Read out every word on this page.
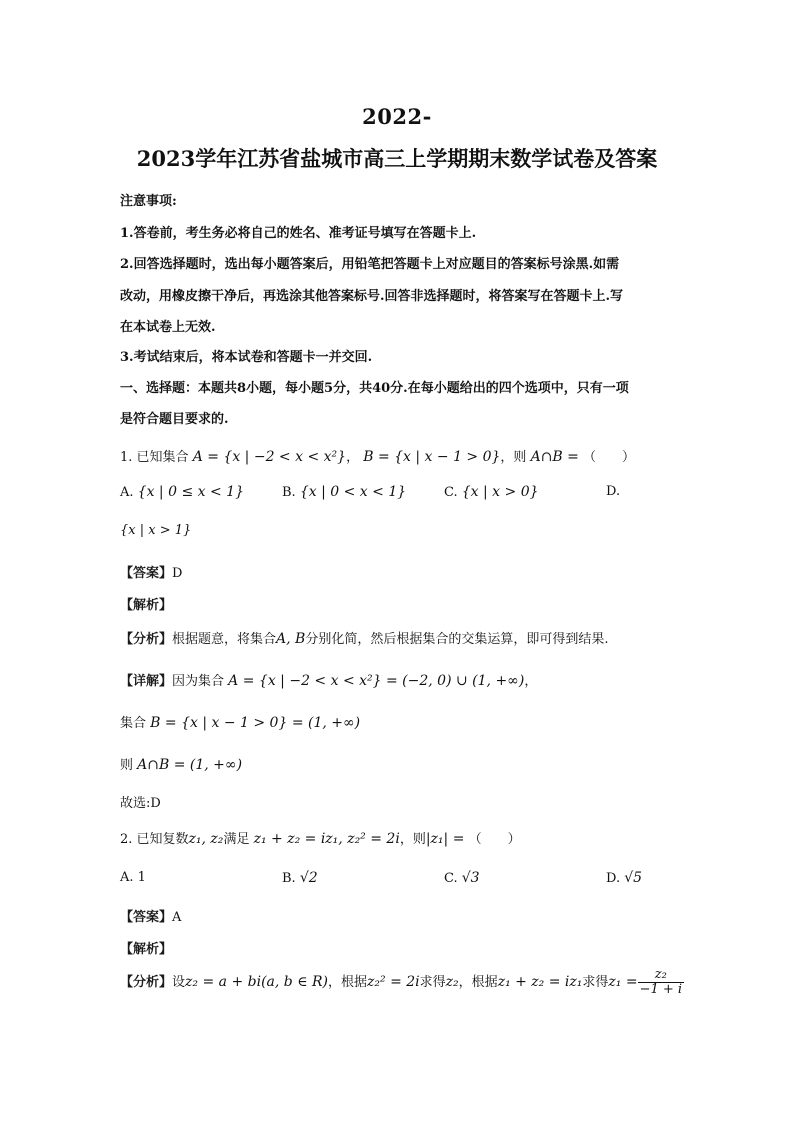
2022-
2023学年江苏省盐城市高三上学期期末数学试卷及答案
注意事项:
1.答卷前，考生务必将自己的姓名、准考证号填写在答题卡上.
2.回答选择题时，选出每小题答案后，用铅笔把答题卡上对应题目的答案标号涂黑.如需
改动，用橡皮擦干净后，再选涂其他答案标号.回答非选择题时，将答案写在答题卡上.写
在本试卷上无效.
3.考试结束后，将本试卷和答题卡一并交回.
一、选择题：本题共8小题，每小题5分，共40分.在每小题给出的四个选项中，只有一项
是符合题目要求的.
1. 已知集合 A = {x | −2 < x < x²}， B = {x | x − 1 > 0}，则 A∩B = （　　）
A. {x | 0 ≤ x < 1}	B. {x | 0 < x < 1}	C. {x | x > 0}	D.
{x | x > 1}
【答案】D
【解析】
【分析】根据题意，将集合A, B分别化简，然后根据集合的交集运算，即可得到结果.
【详解】因为集合 A = {x | −2 < x < x²} = (−2, 0) ∪ (1, +∞)，
集合 B = {x | x − 1 > 0} = (1, +∞)
则 A∩B = (1, +∞)
故选:D
2. 已知复数z₁, z₂满足 z₁ + z₂ = iz₁, z₂² = 2i，则|z₁| = （　　）
A. 1	B. √2	C. √3	D. √5
【答案】A
【解析】
【分析】设z₂ = a + bi(a, b ∈ R)，根据z₂² = 2i求得z₂，根据z₁ + z₂ = iz₁求得$z_1 = \frac{\text{z₂}}{-1 + i}$
